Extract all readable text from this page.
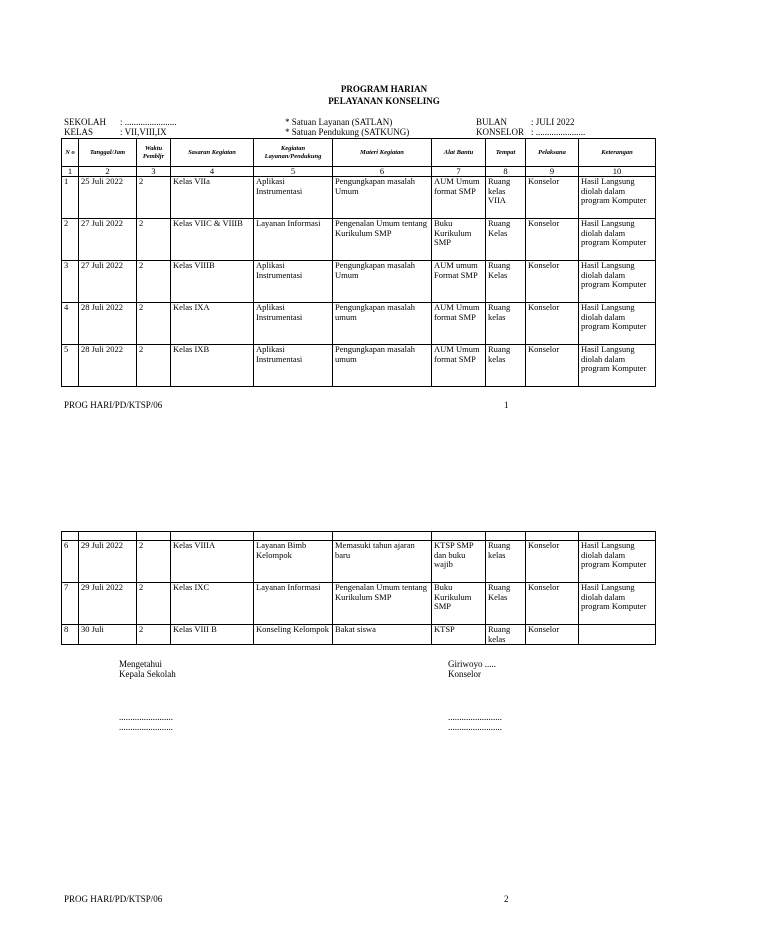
PROGRAM HARIAN
PELAYANAN KONSELING
SEKOLAH : .......................
KELAS	: VII,VIII,IX
* Satuan Layanan (SATLAN)
* Satuan Pendukung (SATKUNG)
BULAN	: JULI 2022
KONSELOR : ......................
N o	Tanggal/Jam	Waktu Pembljr	Sasaran Kegiatan	Kegiatan Layanan/Pendukung	Materi Kegiatan	Alat Bantu	Tempat	Pelaksana	Keterangan
1	2	3	4	5	6	7	8	9	10
1	25 Juli 2022	2	Kelas VIIa	Aplikasi Instrumentasi	Pengungkapan masalah Umum	AUM Umum format SMP	Ruang kelas VIIA	Konselor	Hasil Langsung diolah dalam program Komputer
2	27 Juli 2022	2	Kelas VIIC & VIIIB	Layanan Informasi	Pengenalan Umum tentang Kurikulum SMP	Buku Kurikulum SMP	Ruang Kelas	Konselor	Hasil Langsung diolah dalam program Komputer
3	27 Juli 2022	2	Kelas VIIIB	Aplikasi Instrumentasi	Pengungkapan masalah Umum	AUM umum Format SMP	Ruang Kelas	Konselor	Hasil Langsung diolah dalam program Komputer
4	28 Juli 2022	2	Kelas IXA	Aplikasi Instrumentasi	Pengungkapan masalah umum	AUM Umum format SMP	Ruang kelas	Konselor	Hasil Langsung diolah dalam program Komputer
5	28 Juli 2022	2	Kelas IXB	Aplikasi Instrumentasi	Pengungkapan masalah umum	AUM Umum format SMP	Ruang kelas	Konselor	Hasil Langsung diolah dalam program Komputer
PROG HARI/PD/KTSP/06	1

6	29 Juli 2022	2	Kelas VIIIA	Layanan Bimb Kelompok	Memasuki tahun ajaran baru	KTSP SMP dan buku wajib	Ruang kelas	Konselor	Hasil Langsung diolah dalam program Komputer
7	29 Juli 2022	2	Kelas IXC	Layanan Informasi	Pengenalan Umum tentang Kurikulum SMP	Buku Kurikulum SMP	Ruang Kelas	Konselor	Hasil Langsung diolah dalam program Komputer
8	30 Juli	2	Kelas VIII B	Konseling Kelompok	Bakat siswa	KTSP	Ruang kelas	Konselor	
Mengetahui
Kepala Sekolah
Giriwoyo .....
Konselor
........................
........................
........................
........................
PROG HARI/PD/KTSP/06	2
